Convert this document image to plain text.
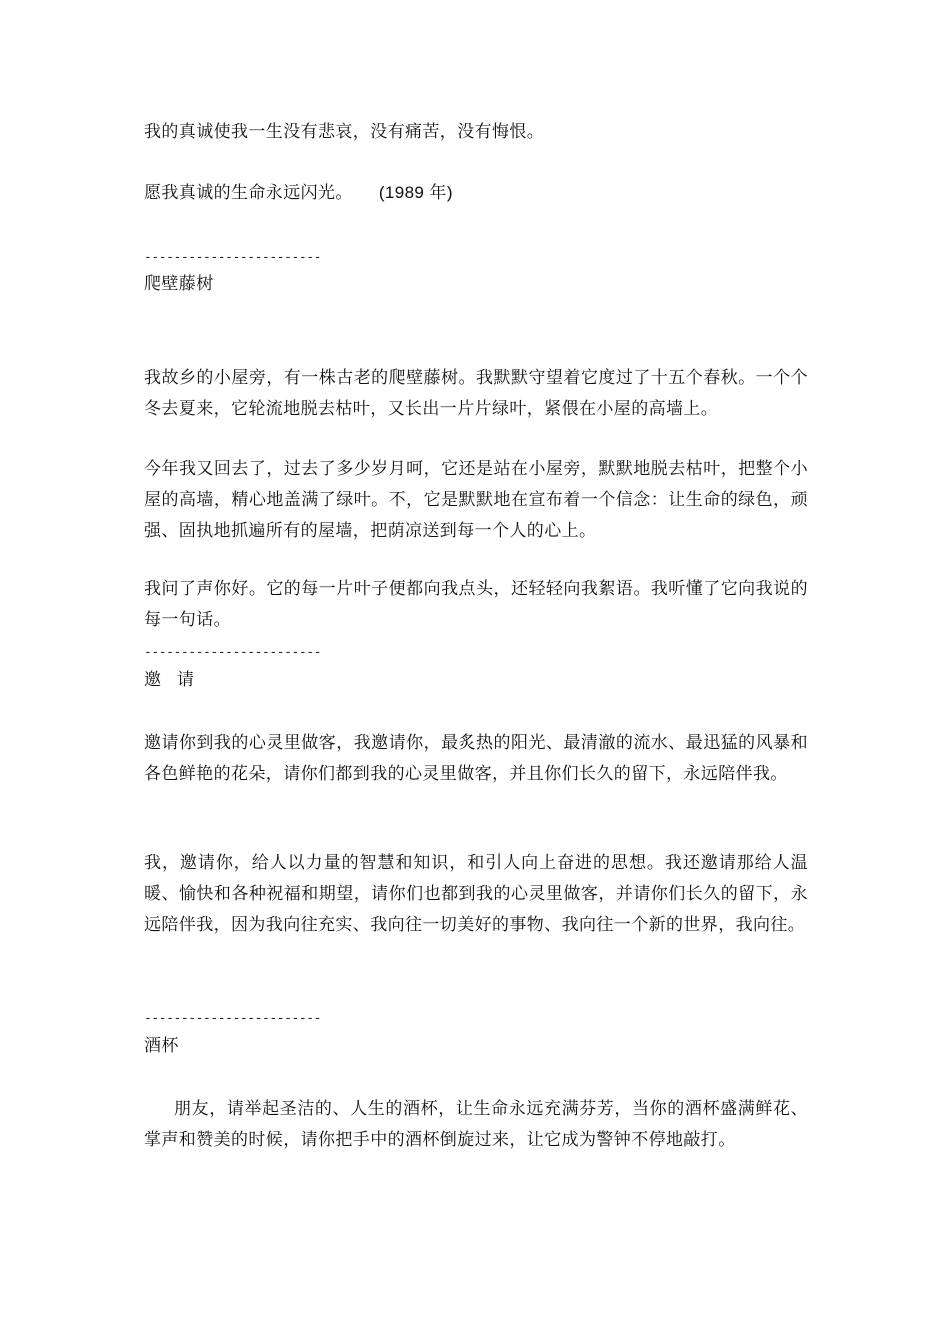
我的真诚使我一生没有悲哀，没有痛苦，没有悔恨。
愿我真诚的生命永远闪光。 (1989 年)
------------------------
爬壁藤树
我故乡的小屋旁，有一株古老的爬壁藤树。我默默守望着它度过了十五个春秋。一个个冬去夏来，它轮流地脱去枯叶，又长出一片片绿叶，紧偎在小屋的高墙上。
今年我又回去了，过去了多少岁月呵，它还是站在小屋旁，默默地脱去枯叶，把整个小屋的高墙，精心地盖满了绿叶。不，它是默默地在宣布着一个信念：让生命的绿色，顽强、固执地抓遍所有的屋墙，把荫凉送到每一个人的心上。
我问了声你好。它的每一片叶子便都向我点头，还轻轻向我絮语。我听懂了它向我说的每一句话。
------------------------
邀请
邀请你到我的心灵里做客，我邀请你，最炙热的阳光、最清澈的流水、最迅猛的风暴和各色鲜艳的花朵，请你们都到我的心灵里做客，并且你们长久的留下，永远陪伴我。
我，邀请你，给人以力量的智慧和知识，和引人向上奋进的思想。我还邀请那给人温暖、愉快和各种祝福和期望，请你们也都到我的心灵里做客，并请你们长久的留下，永远陪伴我，因为我向往充实、我向往一切美好的事物、我向往一个新的世界，我向往。
------------------------
酒杯
朋友，请举起圣洁的、人生的酒杯，让生命永远充满芬芳，当你的酒杯盛满鲜花、掌声和赞美的时候，请你把手中的酒杯倒旋过来，让它成为警钟不停地敲打。
